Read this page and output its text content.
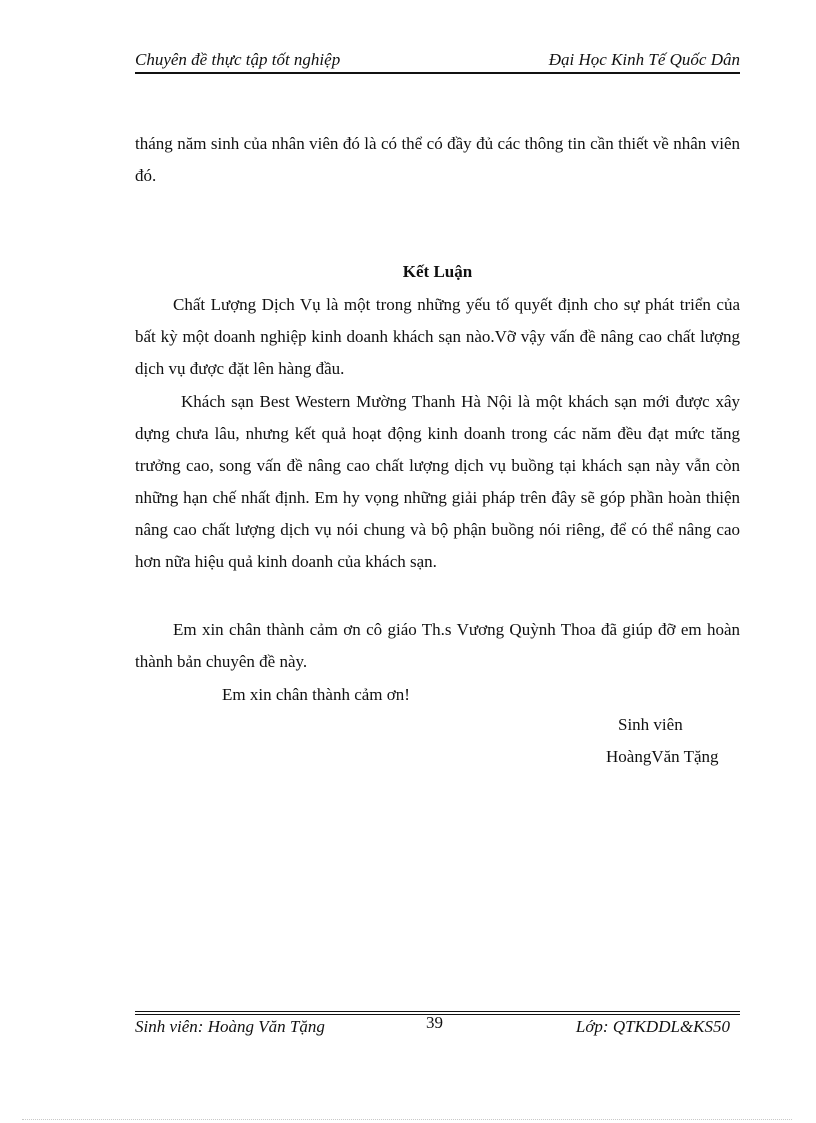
Chuyên đề thực tập tốt nghiệp	Đại Học Kinh Tế Quốc Dân
tháng năm sinh của nhân viên đó là có thể có đầy đủ các thông tin cần thiết về nhân viên đó.
Kết Luận
Chất Lượng Dịch Vụ là một trong những yếu tố quyết định cho sự phát triển của bất kỳ một doanh nghiệp kinh doanh khách sạn nào.Vỡ vậy vấn đề nâng cao chất lượng dịch vụ được đặt lên hàng đầu.
Khách sạn Best Western Mường Thanh Hà Nội là một khách sạn mới được xây dựng chưa lâu, nhưng kết quả hoạt động kinh doanh trong các năm đều đạt mức tăng trưởng cao, song vấn đề nâng cao chất lượng dịch vụ buồng tại khách sạn này vẫn còn những hạn chế nhất định. Em hy vọng những giải pháp trên đây sẽ góp phần hoàn thiện nâng cao chất lượng dịch vụ nói chung và bộ phận buồng nói riêng, để có thể nâng cao hơn nữa hiệu quả kinh doanh của khách sạn.
Em xin chân thành cảm ơn cô giáo Th.s Vương Quỳnh Thoa đã giúp đỡ em hoàn thành bản chuyên đề này.
Em xin chân thành cảm ơn!
Sinh viên
HoàngVăn Tặng
Sinh viên: Hoàng Văn Tặng	39	Lớp: QTKDDL&KS50
